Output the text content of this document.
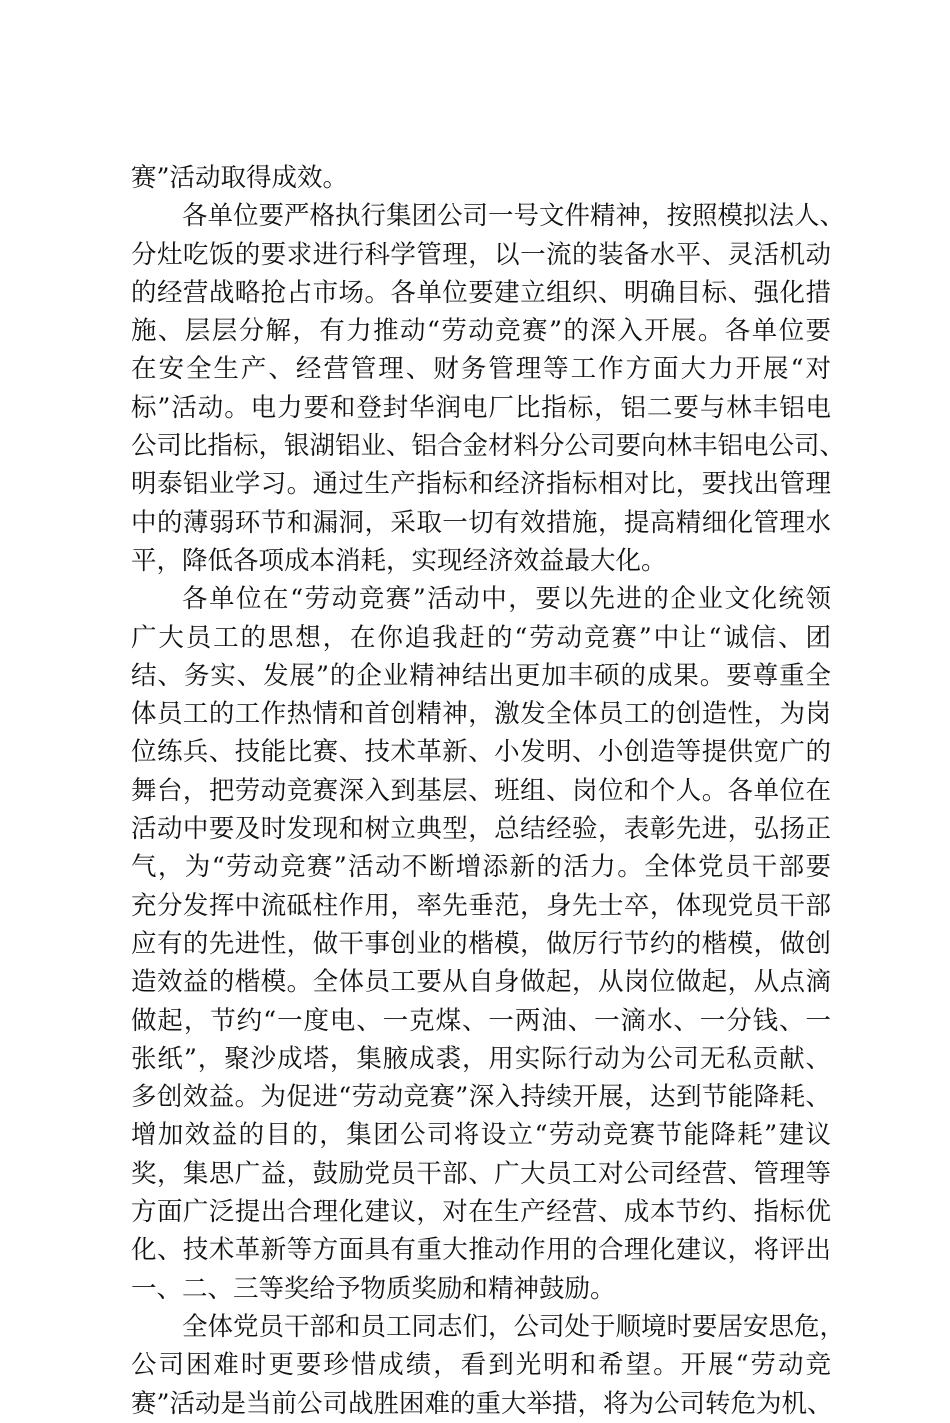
赛”活动取得成效。
各单位要严格执行集团公司一号文件精神，按照模拟法人、
分灶吃饭的要求进行科学管理，以一流的装备水平、灵活机动
的经营战略抢占市场。各单位要建立组织、明确目标、强化措
施、层层分解，有力推动“劳动竞赛”的深入开展。各单位要
在安全生产、经营管理、财务管理等工作方面大力开展“对
标”活动。电力要和登封华润电厂比指标，铝二要与林丰铝电
公司比指标，银湖铝业、铝合金材料分公司要向林丰铝电公司、
明泰铝业学习。通过生产指标和经济指标相对比，要找出管理
中的薄弱环节和漏洞，采取一切有效措施，提高精细化管理水
平，降低各项成本消耗，实现经济效益最大化。
各单位在“劳动竞赛”活动中，要以先进的企业文化统领
广大员工的思想，在你追我赶的“劳动竞赛”中让“诚信、团
结、务实、发展”的企业精神结出更加丰硕的成果。要尊重全
体员工的工作热情和首创精神，激发全体员工的创造性，为岗
位练兵、技能比赛、技术革新、小发明、小创造等提供宽广的
舞台，把劳动竞赛深入到基层、班组、岗位和个人。各单位在
活动中要及时发现和树立典型，总结经验，表彰先进，弘扬正
气，为“劳动竞赛”活动不断增添新的活力。全体党员干部要
充分发挥中流砥柱作用，率先垂范，身先士卒，体现党员干部
应有的先进性，做干事创业的楷模，做厉行节约的楷模，做创
造效益的楷模。全体员工要从自身做起，从岗位做起，从点滴
做起，节约“一度电、一克煤、一两油、一滴水、一分钱、一
张纸”，聚沙成塔，集腋成裘，用实际行动为公司无私贡献、
多创效益。为促进“劳动竞赛”深入持续开展，达到节能降耗、
增加效益的目的，集团公司将设立“劳动竞赛节能降耗”建议
奖，集思广益，鼓励党员干部、广大员工对公司经营、管理等
方面广泛提出合理化建议，对在生产经营、成本节约、指标优
化、技术革新等方面具有重大推动作用的合理化建议，将评出
一、二、三等奖给予物质奖励和精神鼓励。
全体党员干部和员工同志们，公司处于顺境时要居安思危，
公司困难时更要珍惜成绩，看到光明和希望。开展“劳动竞
赛”活动是当前公司战胜困难的重大举措，将为公司转危为机、
